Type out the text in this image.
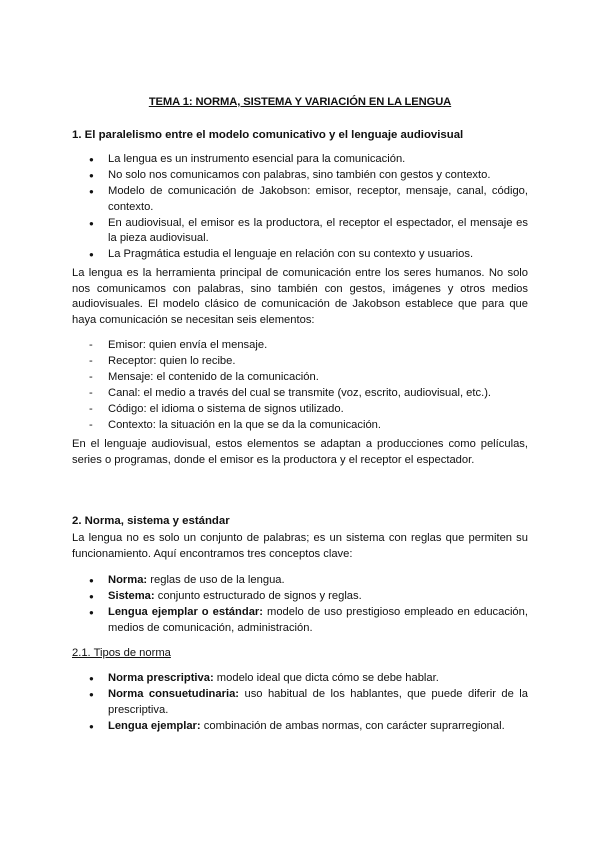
TEMA 1: NORMA, SISTEMA Y VARIACIÓN EN LA LENGUA
1. El paralelismo entre el modelo comunicativo y el lenguaje audiovisual
● La lengua es un instrumento esencial para la comunicación.
● No solo nos comunicamos con palabras, sino también con gestos y contexto.
● Modelo de comunicación de Jakobson: emisor, receptor, mensaje, canal, código, contexto.
● En audiovisual, el emisor es la productora, el receptor el espectador, el mensaje es la pieza audiovisual.
● La Pragmática estudia el lenguaje en relación con su contexto y usuarios.

La lengua es la herramienta principal de comunicación entre los seres humanos. No solo nos comunicamos con palabras, sino también con gestos, imágenes y otros medios audiovisuales. El modelo clásico de comunicación de Jakobson establece que para que haya comunicación se necesitan seis elementos:

- Emisor: quien envía el mensaje.
- Receptor: quien lo recibe.
- Mensaje: el contenido de la comunicación.
- Canal: el medio a través del cual se transmite (voz, escrito, audiovisual, etc.).
- Código: el idioma o sistema de signos utilizado.
- Contexto: la situación en la que se da la comunicación.

En el lenguaje audiovisual, estos elementos se adaptan a producciones como películas, series o programas, donde el emisor es la productora y el receptor el espectador.

2. Norma, sistema y estándar

La lengua no es solo un conjunto de palabras; es un sistema con reglas que permiten su funcionamiento. Aquí encontramos tres conceptos clave:

● Norma: reglas de uso de la lengua.
● Sistema: conjunto estructurado de signos y reglas.
● Lengua ejemplar o estándar: modelo de uso prestigioso empleado en educación, medios de comunicación, administración.
2.1. Tipos de norma
● Norma prescriptiva: modelo ideal que dicta cómo se debe hablar.
● Norma consuetudinaria: uso habitual de los hablantes, que puede diferir de la prescriptiva.
● Lengua ejemplar: combinación de ambas normas, con carácter suprarregional.
